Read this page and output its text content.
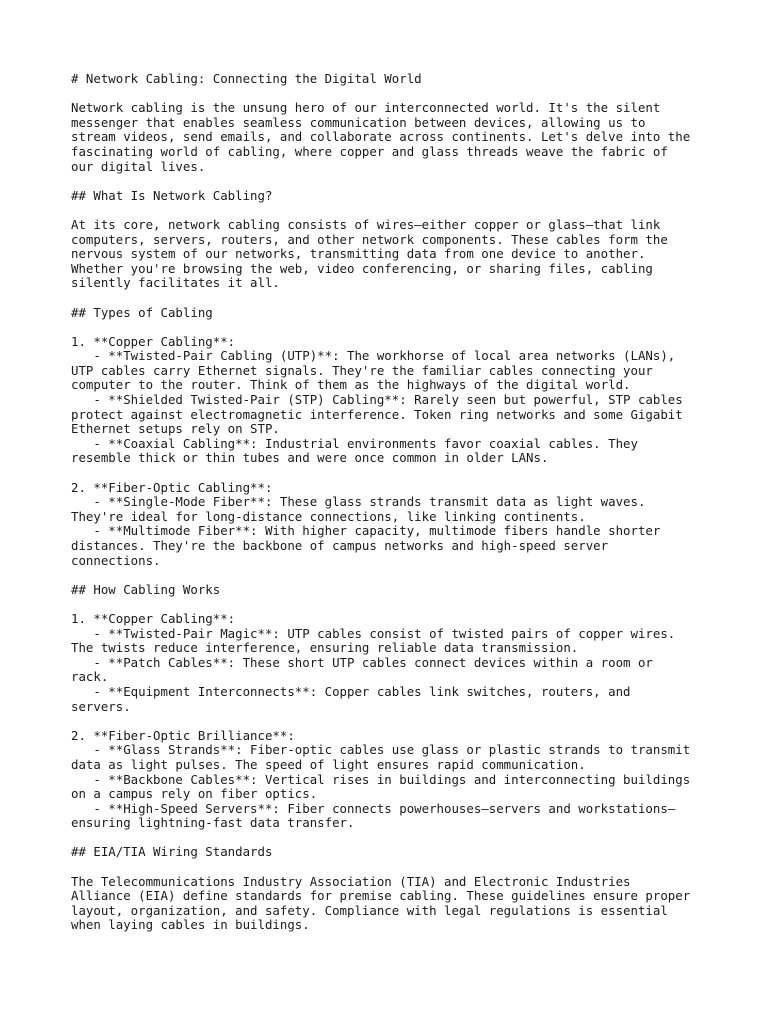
# Network Cabling: Connecting the Digital World
Network cabling is the unsung hero of our interconnected world. It's the silent
messenger that enables seamless communication between devices, allowing us to
stream videos, send emails, and collaborate across continents. Let's delve into the
fascinating world of cabling, where copper and glass threads weave the fabric of
our digital lives.
## What Is Network Cabling?
At its core, network cabling consists of wires—either copper or glass—that link
computers, servers, routers, and other network components. These cables form the
nervous system of our networks, transmitting data from one device to another.
Whether you're browsing the web, video conferencing, or sharing files, cabling
silently facilitates it all.
## Types of Cabling
1. **Copper Cabling**:
- **Twisted-Pair Cabling (UTP)**: The workhorse of local area networks (LANs),
UTP cables carry Ethernet signals. They're the familiar cables connecting your
computer to the router. Think of them as the highways of the digital world.
- **Shielded Twisted-Pair (STP) Cabling**: Rarely seen but powerful, STP cables
protect against electromagnetic interference. Token ring networks and some Gigabit
Ethernet setups rely on STP.
- **Coaxial Cabling**: Industrial environments favor coaxial cables. They
resemble thick or thin tubes and were once common in older LANs.
2. **Fiber-Optic Cabling**:
- **Single-Mode Fiber**: These glass strands transmit data as light waves.
They're ideal for long-distance connections, like linking continents.
- **Multimode Fiber**: With higher capacity, multimode fibers handle shorter
distances. They're the backbone of campus networks and high-speed server
connections.
## How Cabling Works
1. **Copper Cabling**:
- **Twisted-Pair Magic**: UTP cables consist of twisted pairs of copper wires.
The twists reduce interference, ensuring reliable data transmission.
- **Patch Cables**: These short UTP cables connect devices within a room or
rack.
- **Equipment Interconnects**: Copper cables link switches, routers, and
servers.
2. **Fiber-Optic Brilliance**:
- **Glass Strands**: Fiber-optic cables use glass or plastic strands to transmit
data as light pulses. The speed of light ensures rapid communication.
- **Backbone Cables**: Vertical rises in buildings and interconnecting buildings
on a campus rely on fiber optics.
- **High-Speed Servers**: Fiber connects powerhouses—servers and workstations—
ensuring lightning-fast data transfer.
## EIA/TIA Wiring Standards
The Telecommunications Industry Association (TIA) and Electronic Industries
Alliance (EIA) define standards for premise cabling. These guidelines ensure proper
layout, organization, and safety. Compliance with legal regulations is essential
when laying cables in buildings.
